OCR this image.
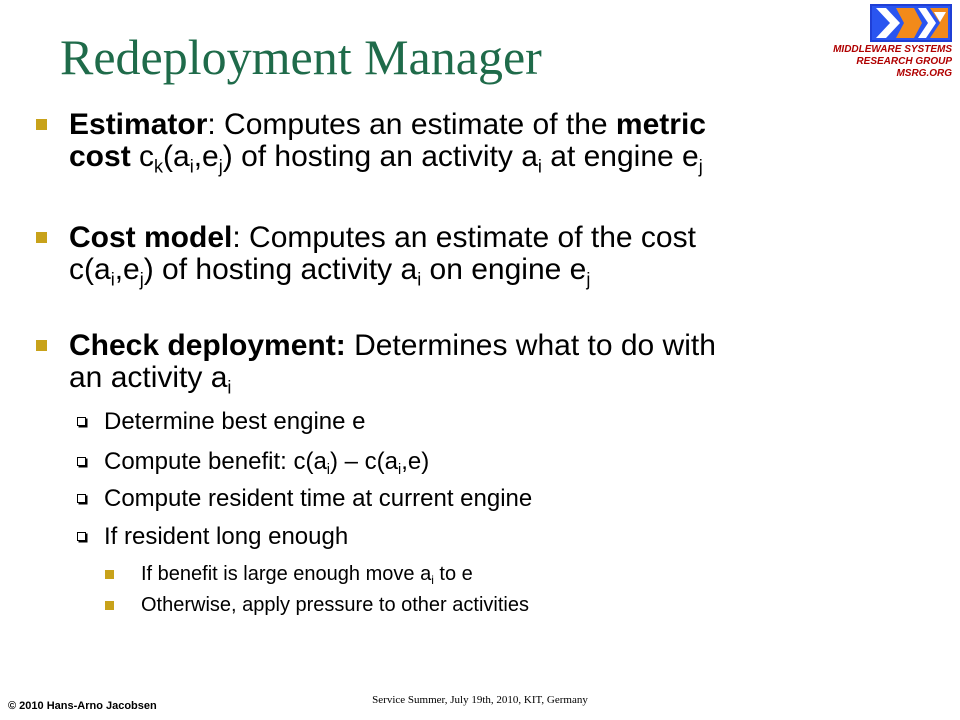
Redeployment Manager	MIDDLEWARE SYSTEMS
RESEARCH GROUP
MSRG.ORG
Estimator: Computes an estimate of the metric
cost $c_k(a_i,e_j)$ of hosting an activity $a_i$ at engine $e_j$
Cost model: Computes an estimate of the cost
$c(a_i,e_j)$ of hosting activity $a_i$ on engine $e_j$
Check deployment: Determines what to do with
an activity $a_i$
Determine best engine e
Compute benefit: $c(a_i) - c(a_i,e)$
Compute resident time at current engine
If resident long enough
If benefit is large enough move $a_i$ to e
Otherwise, apply pressure to other activities
© 2010 Hans-Arno Jacobsen	Service Summer, July 19th, 2010, KIT, Germany
